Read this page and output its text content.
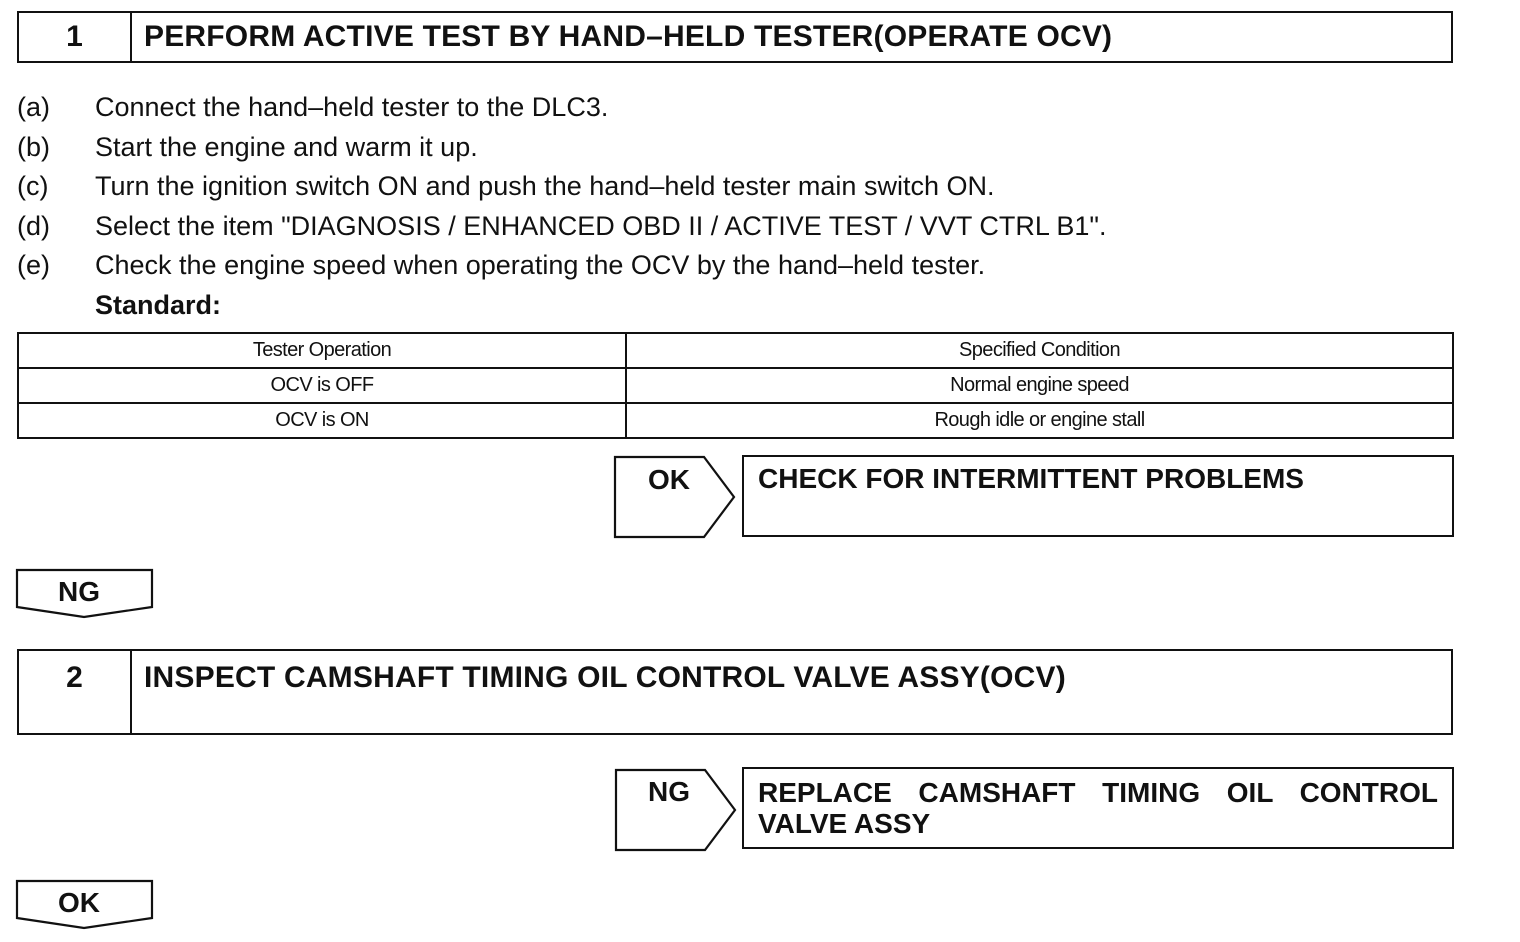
1	PERFORM ACTIVE TEST BY HAND–HELD TESTER(OPERATE OCV)
(a)	Connect the hand–held tester to the DLC3.
(b)	Start the engine and warm it up.
(c)	Turn the ignition switch ON and push the hand–held tester main switch ON.
(d)	Select the item "DIAGNOSIS / ENHANCED OBD II / ACTIVE TEST / VVT CTRL B1".
(e)	Check the engine speed when operating the OCV by the hand–held tester.
Standard:
Tester Operation	Specified Condition
OCV is OFF	Normal engine speed
OCV is ON	Rough idle or engine stall
OK	CHECK FOR INTERMITTENT PROBLEMS
NG
2	INSPECT CAMSHAFT TIMING OIL CONTROL VALVE ASSY(OCV)
NG REPLACE CAMSHAFT TIMING OIL CONTROL
VALVE ASSY
OK
